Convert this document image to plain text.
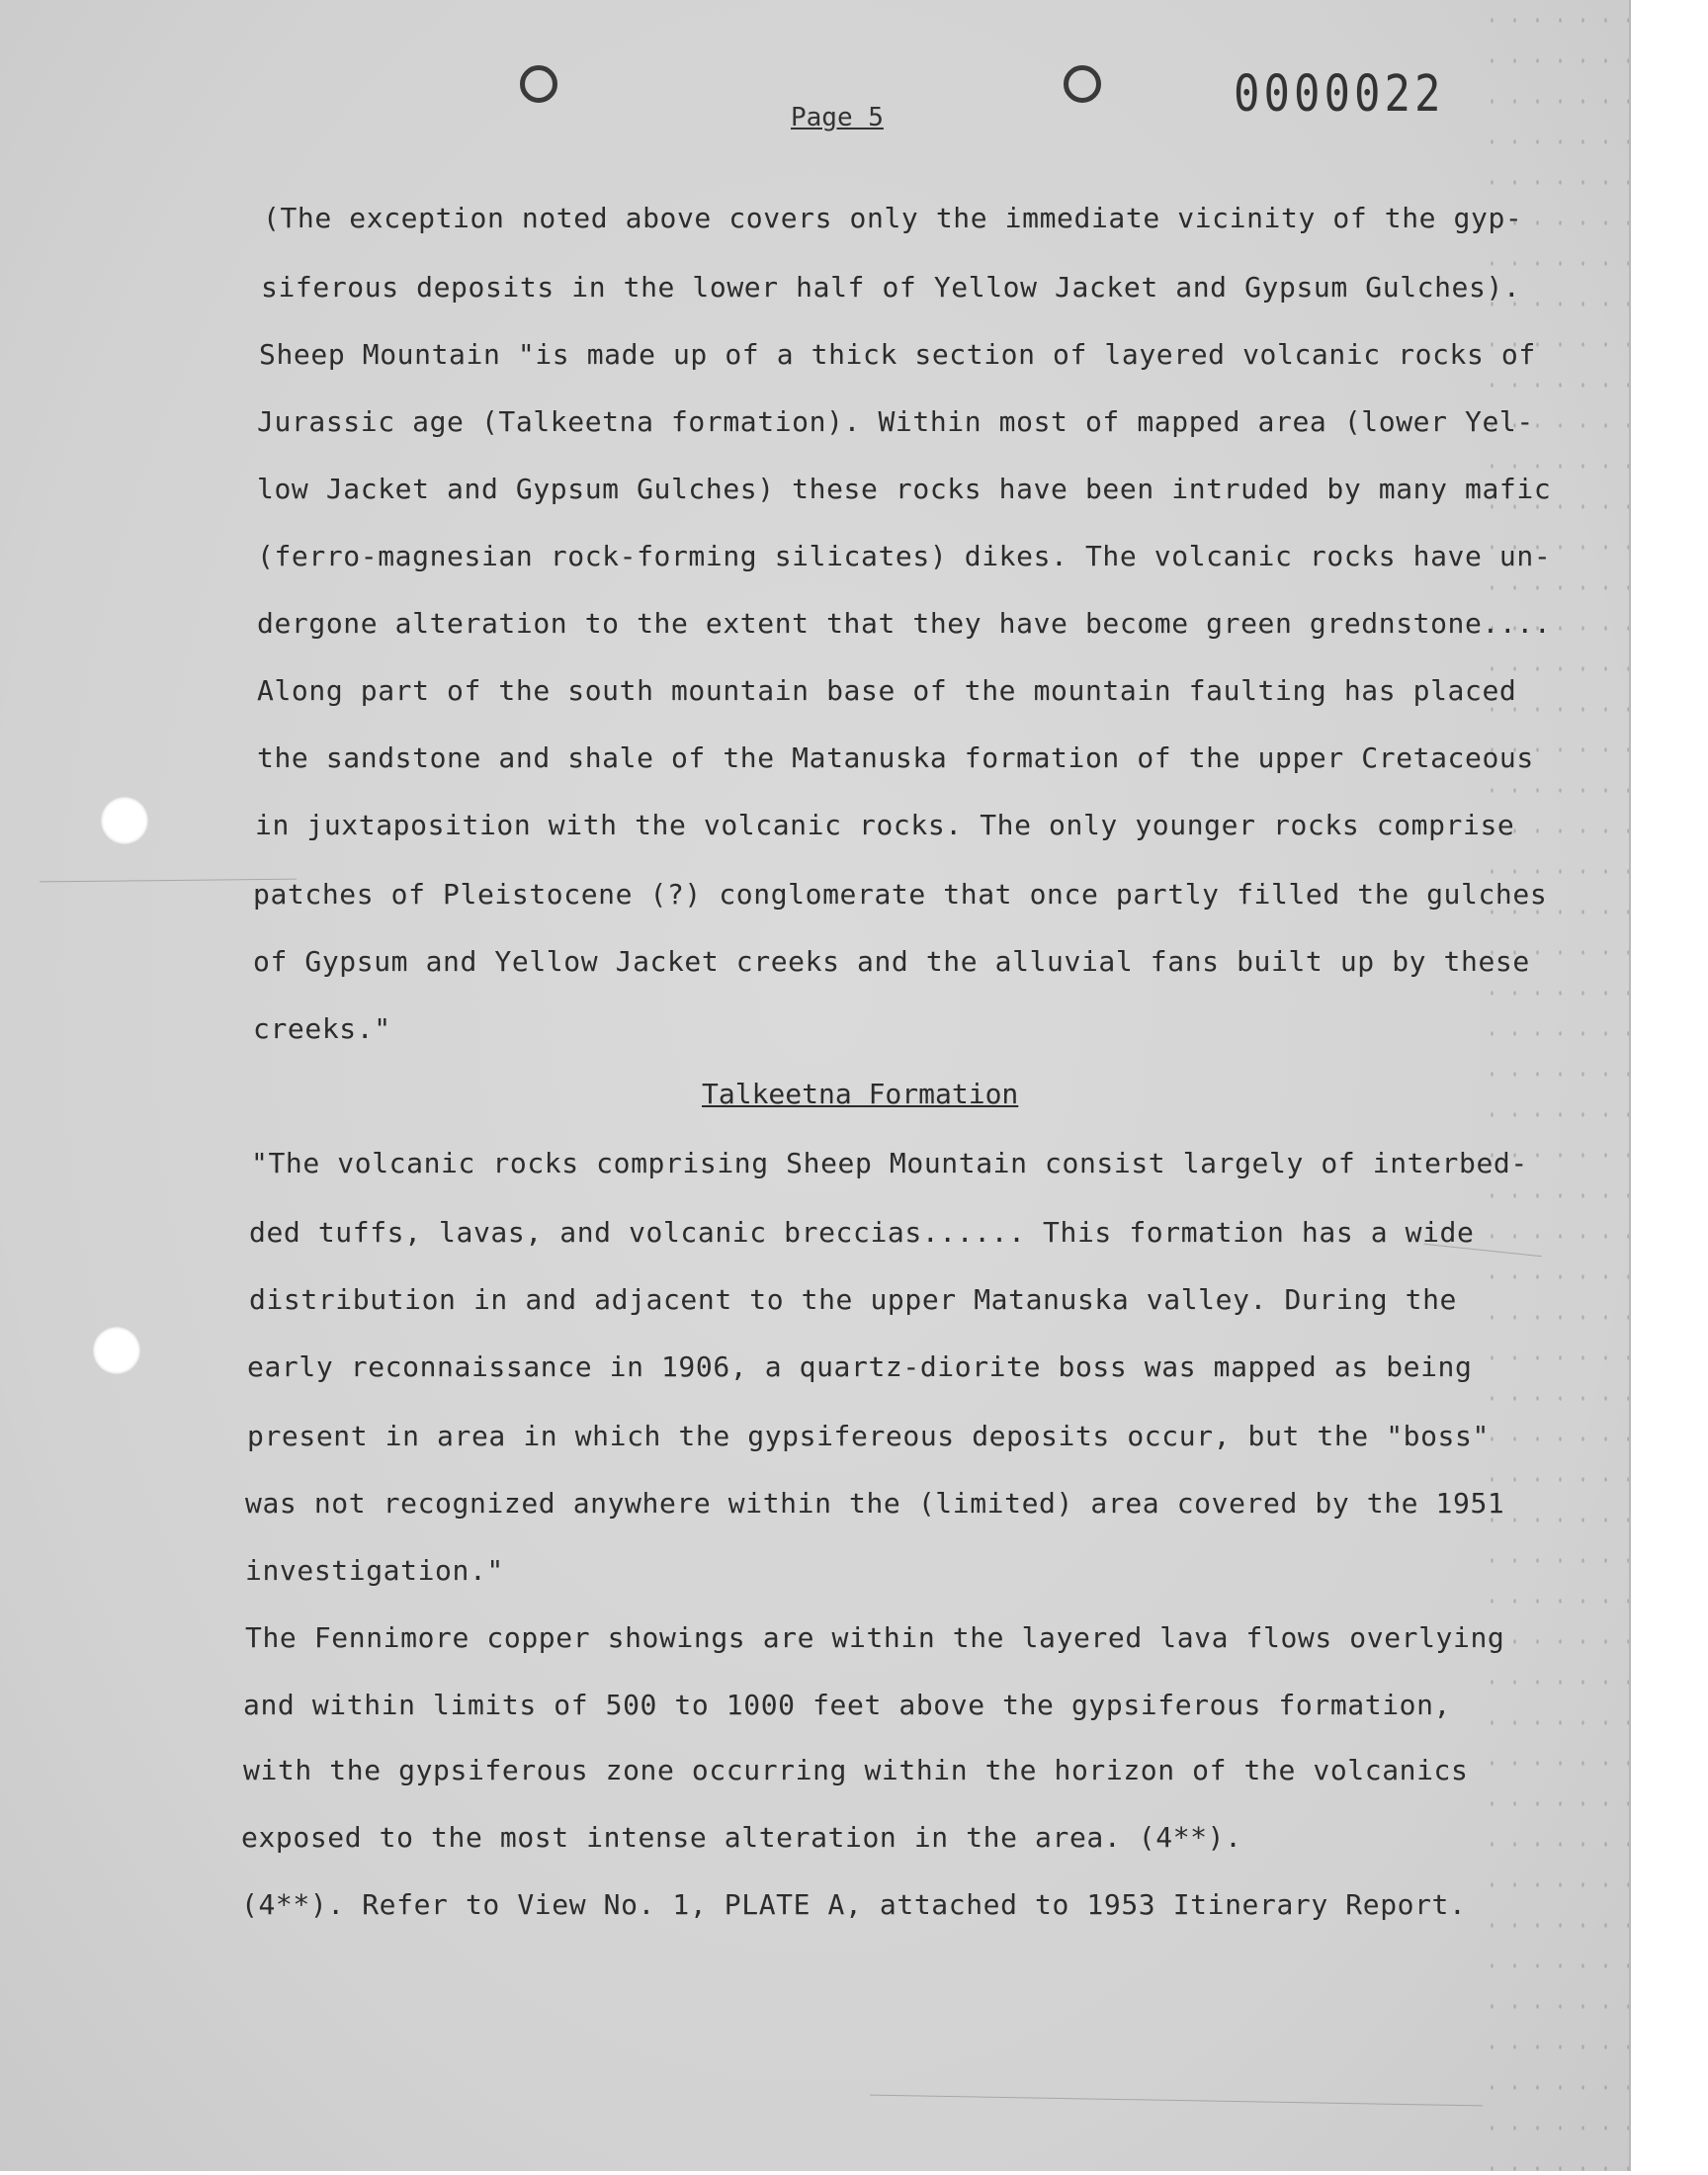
0000022
Page 5
(The exception noted above covers only the immediate vicinity of the gyp-
siferous deposits in the lower half of Yellow Jacket and Gypsum Gulches).
Sheep Mountain "is made up of a thick section of layered volcanic rocks of
Jurassic age (Talkeetna formation). Within most of mapped area (lower Yel-
low Jacket and Gypsum Gulches) these rocks have been intruded by many mafic
(ferro-magnesian rock-forming silicates) dikes. The volcanic rocks have un-
dergone alteration to the extent that they have become green grednstone....
Along part of the south mountain base of the mountain faulting has placed
the sandstone and shale of the Matanuska formation of the upper Cretaceous
in juxtaposition with the volcanic rocks. The only younger rocks comprise
patches of Pleistocene (?) conglomerate that once partly filled the gulches
of Gypsum and Yellow Jacket creeks and the alluvial fans built up by these
creeks."
Talkeetna Formation
"The volcanic rocks comprising Sheep Mountain consist largely of interbed-
ded tuffs, lavas, and volcanic breccias...... This formation has a wide
distribution in and adjacent to the upper Matanuska valley. During the
early reconnaissance in 1906, a quartz-diorite boss was mapped as being
present in area in which the gypsifereous deposits occur, but the "boss"
was not recognized anywhere within the (limited) area covered by the 1951
investigation."
The Fennimore copper showings are within the layered lava flows overlying
and within limits of 500 to 1000 feet above the gypsiferous formation,
with the gypsiferous zone occurring within the horizon of the volcanics
exposed to the most intense alteration in the area. (4**).
(4**). Refer to View No. 1, PLATE A, attached to 1953 Itinerary Report.
